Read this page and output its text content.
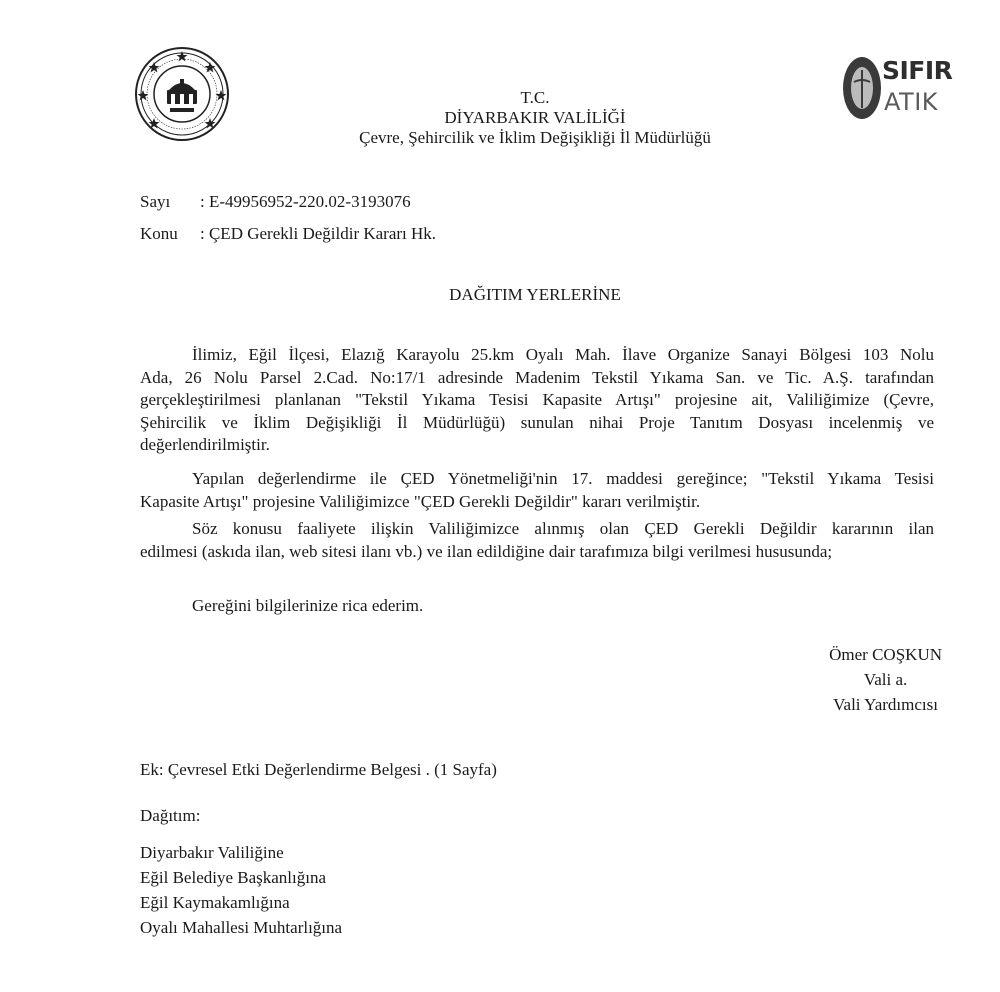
SIFIR
ATIK
T.C.
DİYARBAKIR VALİLİĞİ
Çevre, Şehircilik ve İklim Değişikliği İl Müdürlüğü
Sayı : E-49956952-220.02-3193076
Konu : ÇED Gerekli Değildir Kararı Hk.
DAĞITIM YERLERİNE
İlimiz, Eğil İlçesi, Elazığ Karayolu 25.km Oyalı Mah. İlave Organize Sanayi Bölgesi 103 Nolu
Ada, 26 Nolu Parsel 2.Cad. No:17/1 adresinde Madenim Tekstil Yıkama San. ve Tic. A.Ş. tarafından
gerçekleştirilmesi planlanan "Tekstil Yıkama Tesisi Kapasite Artışı" projesine ait, Valiliğimize (Çevre,
Şehircilik ve İklim Değişikliği İl Müdürlüğü) sunulan nihai Proje Tanıtım Dosyası incelenmiş ve
değerlendirilmiştir.
Yapılan değerlendirme ile ÇED Yönetmeliği'nin 17. maddesi gereğince; "Tekstil Yıkama Tesisi
Kapasite Artışı" projesine Valiliğimizce "ÇED Gerekli Değildir" kararı verilmiştir.
Söz konusu faaliyete ilişkin Valiliğimizce alınmış olan ÇED Gerekli Değildir kararının ilan
edilmesi (askıda ilan, web sitesi ilanı vb.) ve ilan edildiğine dair tarafımıza bilgi verilmesi hususunda;
Gereğini bilgilerinize rica ederim.
Ömer COŞKUN
Vali a.
Vali Yardımcısı
Ek: Çevresel Etki Değerlendirme Belgesi . (1 Sayfa)
Dağıtım:
Diyarbakır Valiliğine
Eğil Belediye Başkanlığına
Eğil Kaymakamlığına
Oyalı Mahallesi Muhtarlığına
